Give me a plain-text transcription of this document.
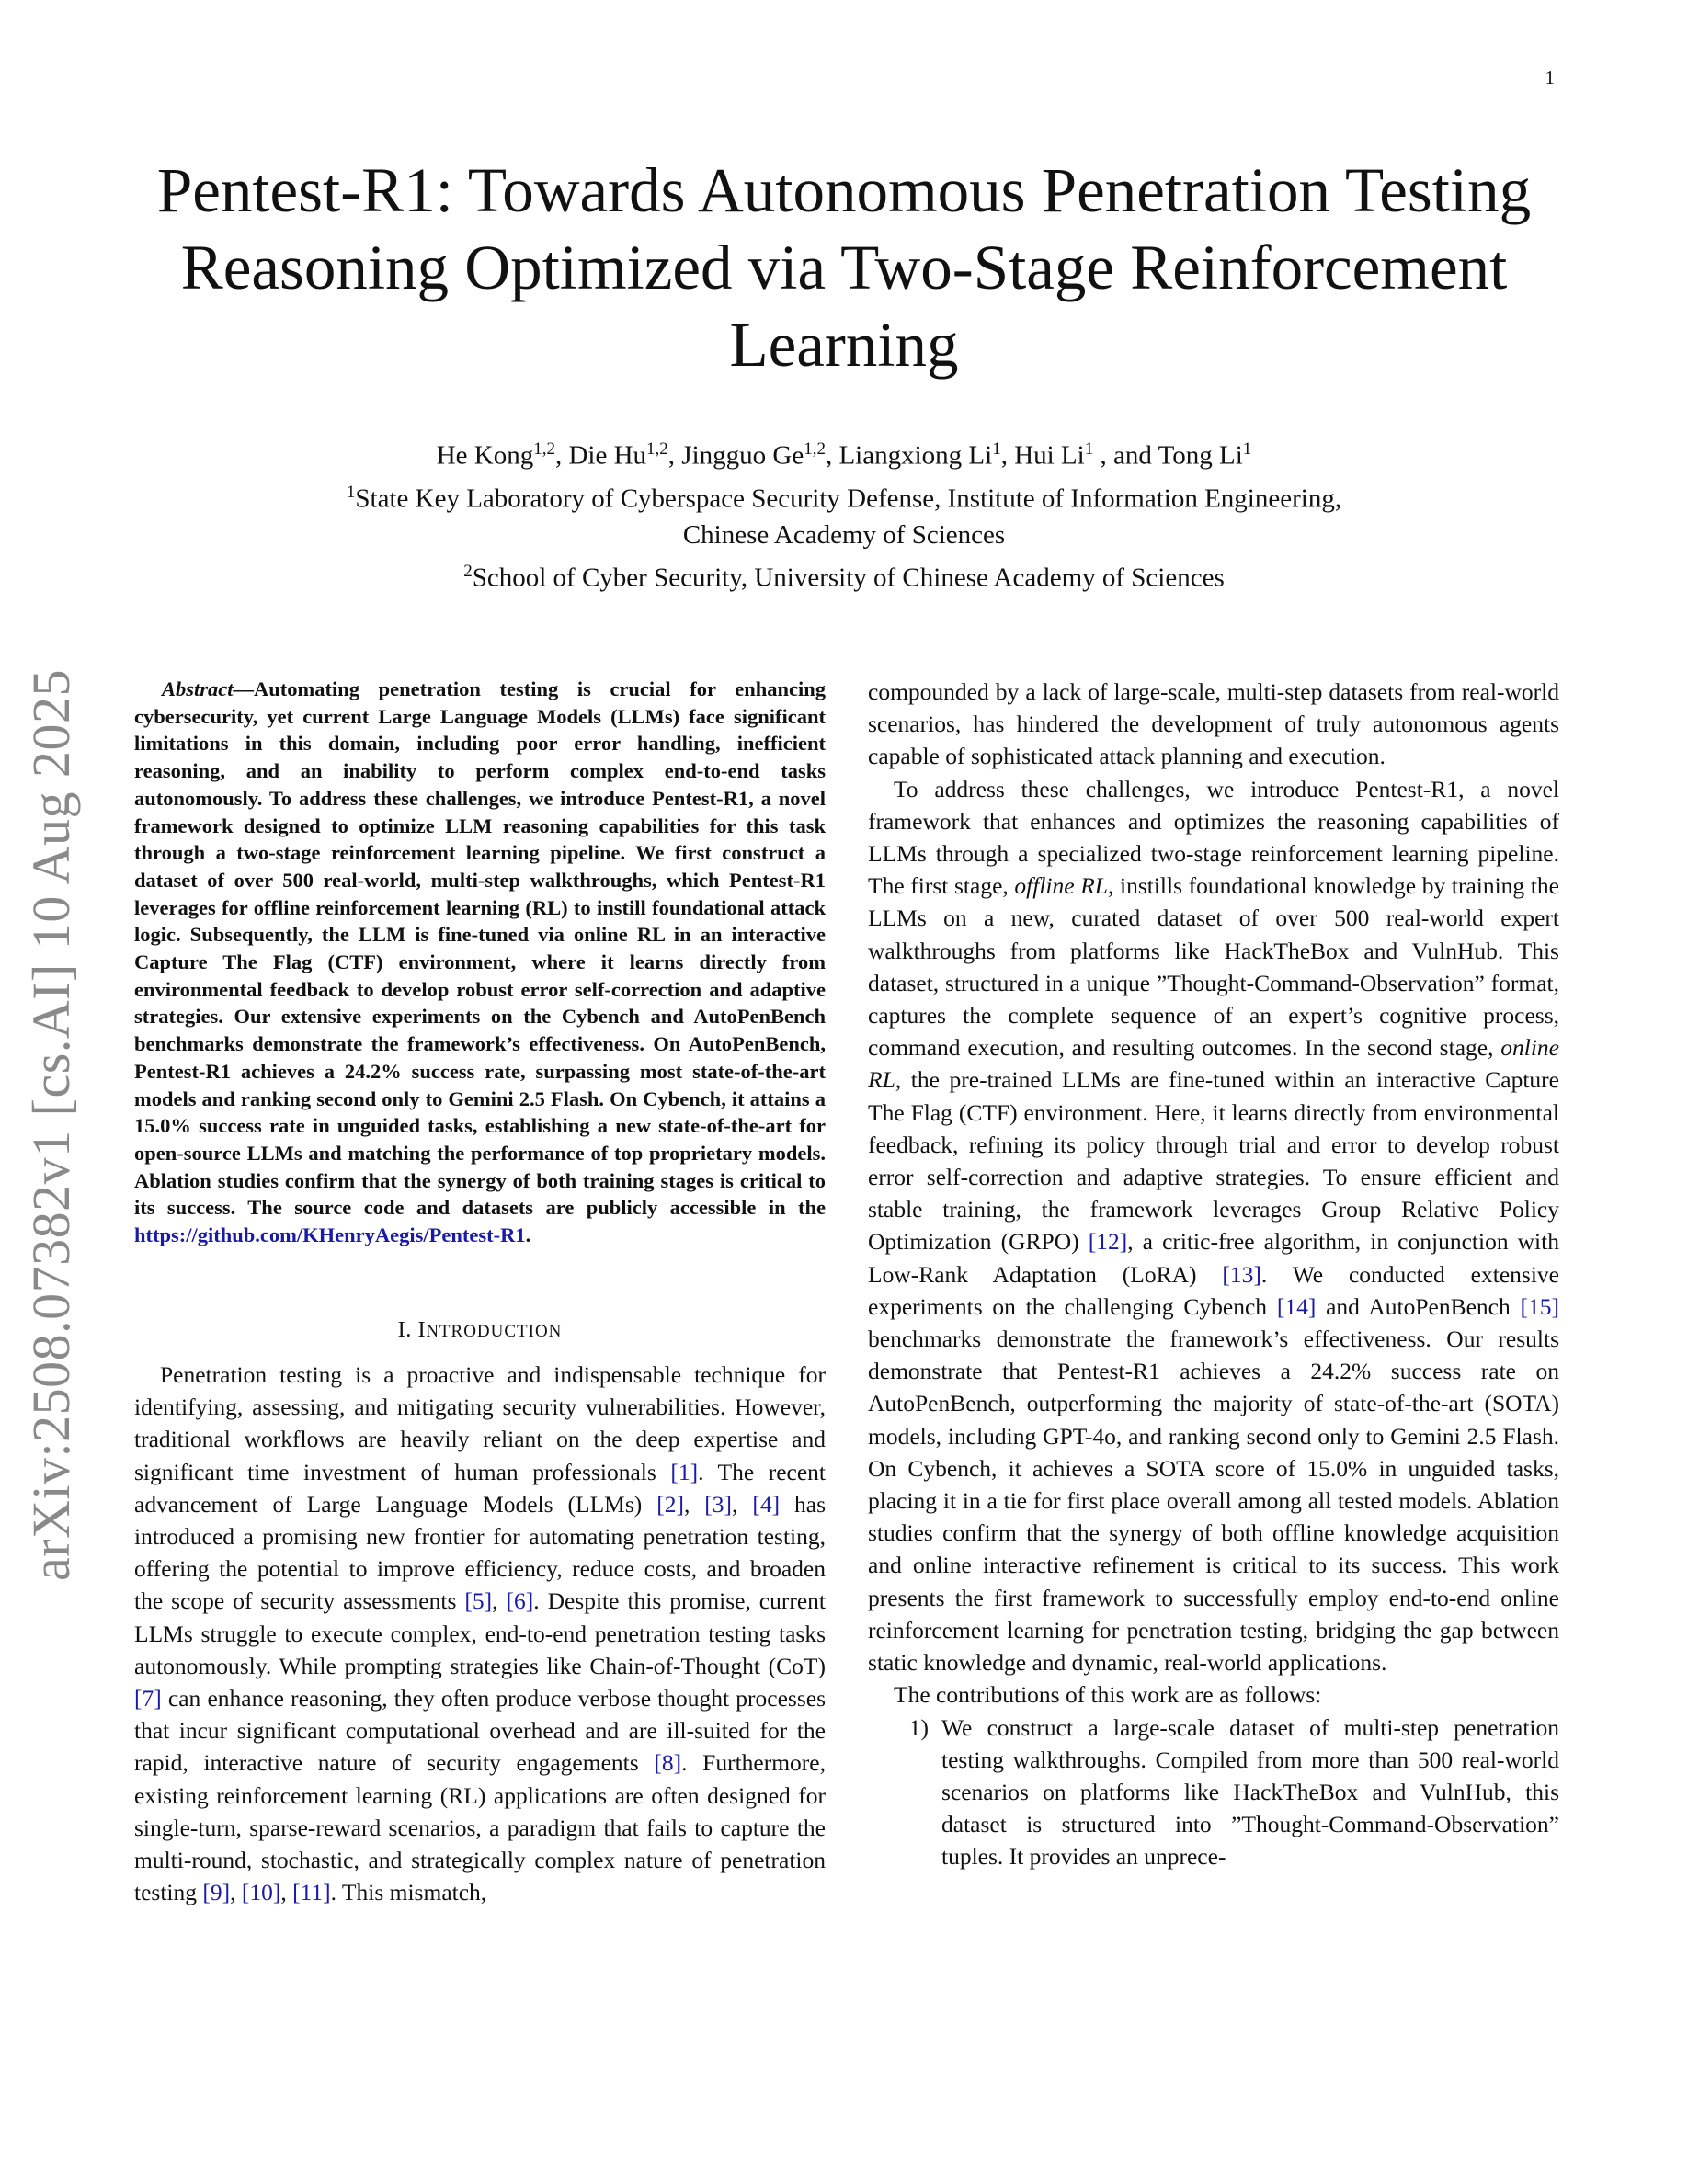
1
arXiv:2508.07382v1 [cs.AI] 10 Aug 2025
Pentest-R1: Towards Autonomous Penetration Testing Reasoning Optimized via Two-Stage Reinforcement Learning
He Kong$^{1,2}$, Die Hu$^{1,2}$, Jingguo Ge$^{1,2}$, Liangxiong Li$^1$, Hui Li$^1$ , and Tong Li$^1$
$^1$State Key Laboratory of Cyberspace Security Defense, Institute of Information Engineering,
Chinese Academy of Sciences
$^2$School of Cyber Security, University of Chinese Academy of Sciences
Abstract—Automating penetration testing is crucial for enhancing cybersecurity, yet current Large Language Models (LLMs) face significant limitations in this domain, including poor error handling, inefficient reasoning, and an inability to perform complex end-to-end tasks autonomously. To address these challenges, we introduce Pentest-R1, a novel framework designed to optimize LLM reasoning capabilities for this task through a two-stage reinforcement learning pipeline. We first construct a dataset of over 500 real-world, multi-step walkthroughs, which Pentest-R1 leverages for offline reinforcement learning (RL) to instill foundational attack logic. Subsequently, the LLM is fine-tuned via online RL in an interactive Capture The Flag (CTF) environment, where it learns directly from environmental feedback to develop robust error self-correction and adaptive strategies. Our extensive experiments on the Cybench and AutoPenBench benchmarks demonstrate the framework’s effectiveness. On AutoPenBench, Pentest-R1 achieves a 24.2% success rate, surpassing most state-of-the-art models and ranking second only to Gemini 2.5 Flash. On Cybench, it attains a 15.0% success rate in unguided tasks, establishing a new state-of-the-art for open-source LLMs and matching the performance of top proprietary models. Ablation studies confirm that the synergy of both training stages is critical to its success. The source code and datasets are publicly accessible in the https://github.com/KHenryAegis/Pentest-R1.
I. INTRODUCTION

Penetration testing is a proactive and indispensable technique for identifying, assessing, and mitigating security vulnerabilities. However, traditional workflows are heavily reliant on the deep expertise and significant time investment of human professionals [1]. The recent advancement of Large Language Models (LLMs) [2], [3], [4] has introduced a promising new frontier for automating penetration testing, offering the potential to improve efficiency, reduce costs, and broaden the scope of security assessments [5], [6]. Despite this promise, current LLMs struggle to execute complex, end-to-end penetration testing tasks autonomously. While prompting strategies like Chain-of-Thought (CoT) [7] can enhance reasoning, they often produce verbose thought processes that incur significant computational overhead and are ill-suited for the rapid, interactive nature of security engagements [8]. Furthermore, existing reinforcement learning (RL) applications are often designed for single-turn, sparse-reward scenarios, a paradigm that fails to capture the multi-round, stochastic, and strategically complex nature of penetration testing [9], [10], [11]. This mismatch,

compounded by a lack of large-scale, multi-step datasets from real-world scenarios, has hindered the development of truly autonomous agents capable of sophisticated attack planning and execution.

To address these challenges, we introduce Pentest-R1, a novel framework that enhances and optimizes the reasoning capabilities of LLMs through a specialized two-stage reinforcement learning pipeline. The first stage, offline RL, instills foundational knowledge by training the LLMs on a new, curated dataset of over 500 real-world expert walkthroughs from platforms like HackTheBox and VulnHub. This dataset, structured in a unique ”Thought-Command-Observation” format, captures the complete sequence of an expert’s cognitive process, command execution, and resulting outcomes. In the second stage, online RL, the pre-trained LLMs are fine-tuned within an interactive Capture The Flag (CTF) environment. Here, it learns directly from environmental feedback, refining its policy through trial and error to develop robust error self-correction and adaptive strategies. To ensure efficient and stable training, the framework leverages Group Relative Policy Optimization (GRPO) [12], a critic-free algorithm, in conjunction with Low-Rank Adaptation (LoRA) [13]. We conducted extensive experiments on the challenging Cybench [14] and AutoPenBench [15] benchmarks demonstrate the framework’s effectiveness. Our results demonstrate that Pentest-R1 achieves a 24.2% success rate on AutoPenBench, outperforming the majority of state-of-the-art (SOTA) models, including GPT-4o, and ranking second only to Gemini 2.5 Flash. On Cybench, it achieves a SOTA score of 15.0% in unguided tasks, placing it in a tie for first place overall among all tested models. Ablation studies confirm that the synergy of both offline knowledge acquisition and online interactive refinement is critical to its success. This work presents the first framework to successfully employ end-to-end online reinforcement learning for penetration testing, bridging the gap between static knowledge and dynamic, real-world applications.

The contributions of this work are as follows:

1) We construct a large-scale dataset of multi-step penetration testing walkthroughs. Compiled from more than 500 real-world scenarios on platforms like HackTheBox and VulnHub, this dataset is structured into ”Thought-Command-Observation” tuples. It provides an unprece-
